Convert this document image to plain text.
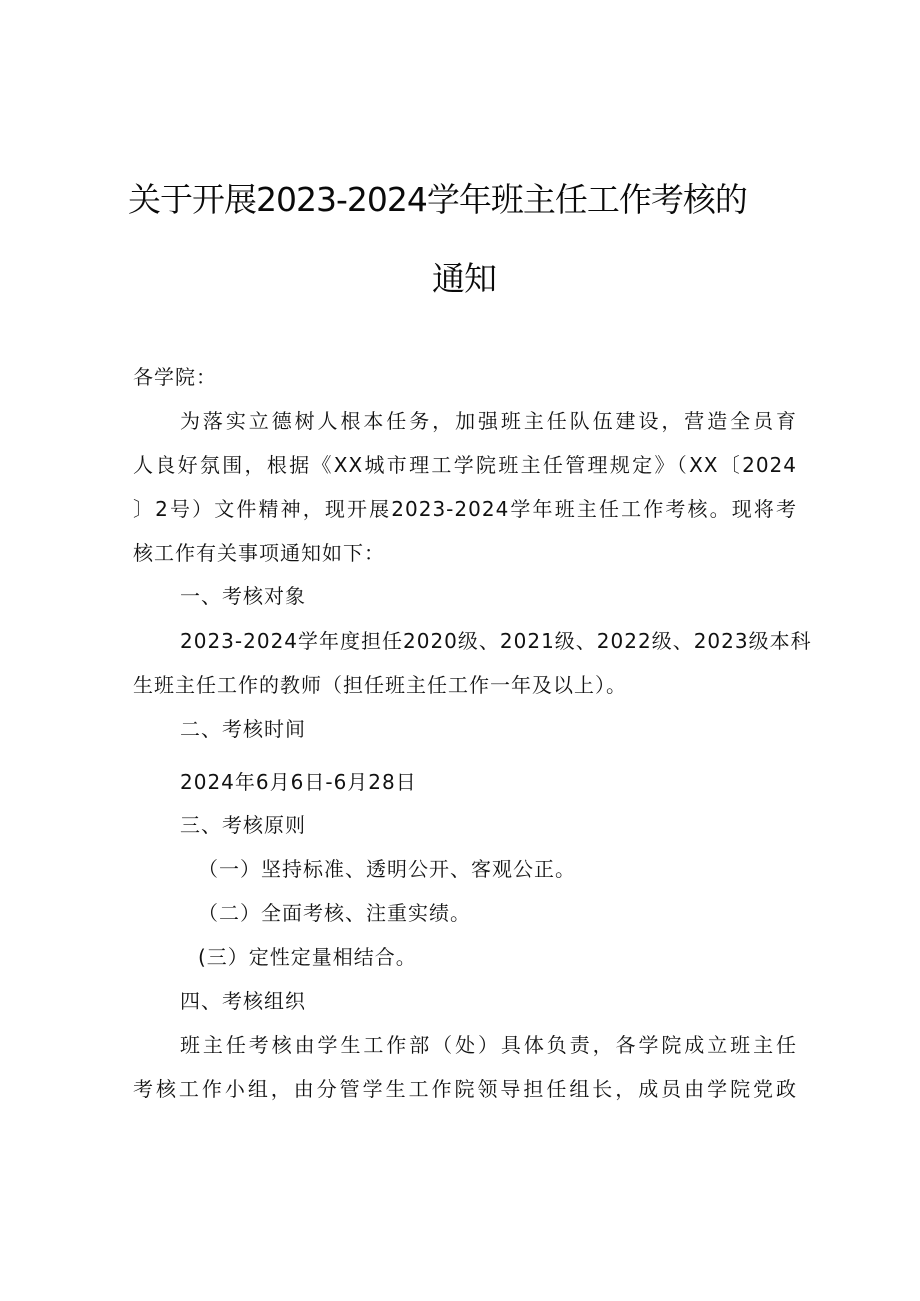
关于开展2023-2024学年班主任工作考核的
通知
各学院：
为落实立德树人根本任务，加强班主任队伍建设，营造全员育
人良好氛围，根据《XX城市理工学院班主任管理规定》（XX〔2024
〕2号）文件精神，现开展2023-2024学年班主任工作考核。现将考
核工作有关事项通知如下：
一、考核对象
2023-2024学年度担任2020级、2021级、2022级、2023级本科
生班主任工作的教师（担任班主任工作一年及以上）。
二、考核时间
2024年6月6日-6月28日
三、考核原则
（一）坚持标准、透明公开、客观公正。
（二）全面考核、注重实绩。
(三）定性定量相结合。
四、考核组织
班主任考核由学生工作部（处）具体负责，各学院成立班主任
考核工作小组，由分管学生工作院领导担任组长，成员由学院党政
